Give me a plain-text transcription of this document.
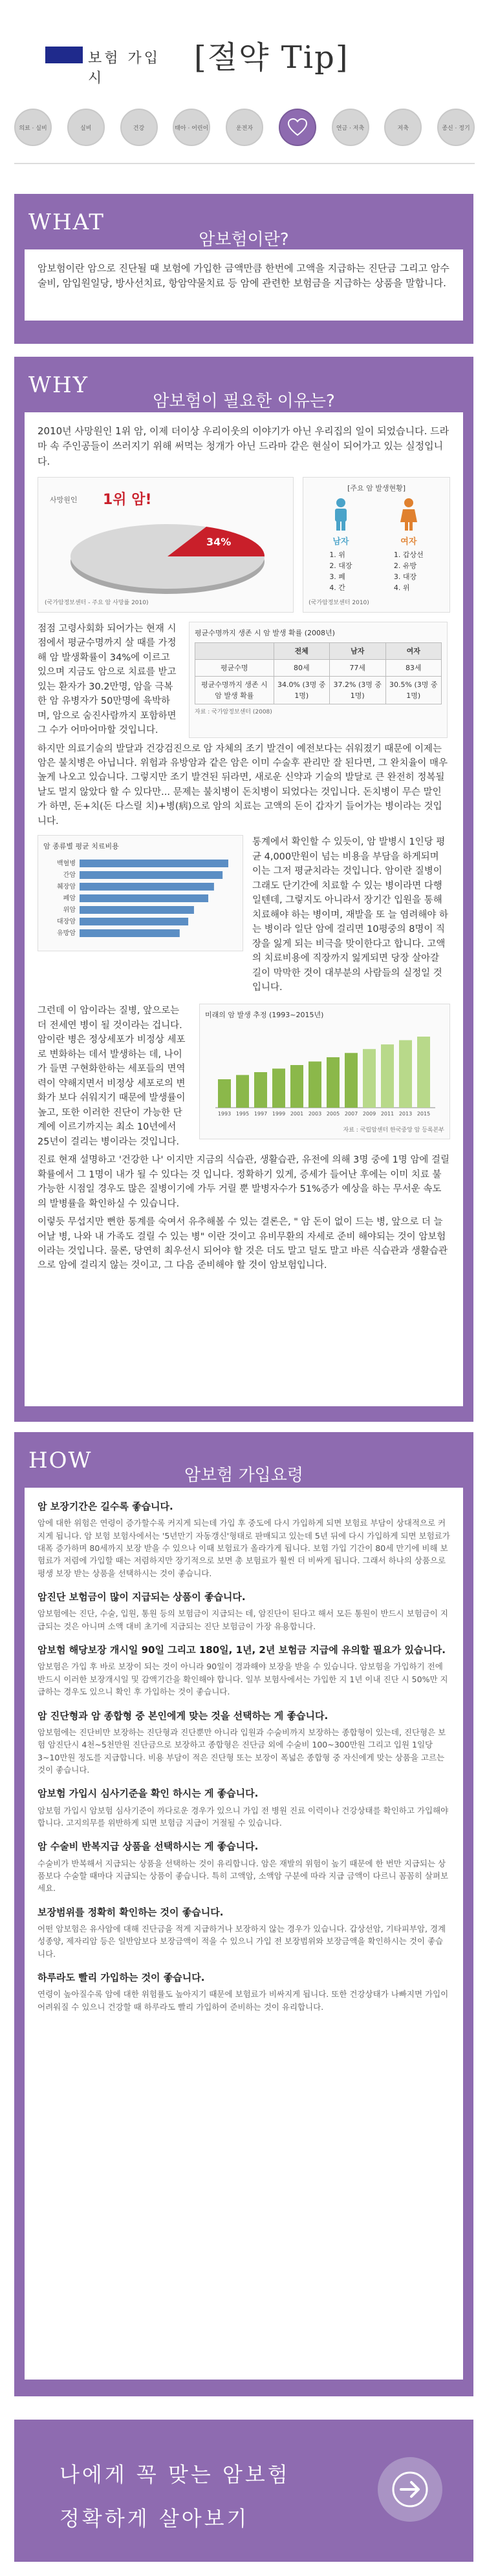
보험 가입 시
[절약 Tip]
의료 · 실비	실비	건강	태아 · 어린이	운전자	연금 · 저축	저축	종신 · 정기
WHAT
암보험이란?

암보험이란 암으로 진단될 때 보험에 가입한 금액만큼 한번에 고액을 지급하는 진단금 그리고 암수술비, 암입원일당, 방사선치료, 항암약물치료 등 암에 관련한 보험금을 지급하는 상품을 말합니다.

WHY
암보험이 필요한 이유는?

2010년 사망원인 1위 암, 이제 더이상 우리이웃의 이야기가 아닌 우리집의 일이 되었습니다. 드라마 속 주인공들이 쓰러지기 위해 써먹는 청개가 아닌 드라마 같은 현실이 되어가고 있는 실정입니다.

사망원인 1위 암!
34%
(국가암정보센터 - 주요 암 사망률 2010)
[주요 암 발생현황]
남자
1. 위
2. 대장
3. 폐
4. 간
여자
1. 갑상선
2. 유방
3. 대장
4. 위
(국가암정보센터 2010)

점점 고령사회화 되어가는 현재 시점에서 평균수명까지 살 때를 가정해 암 발생확률이 34%에 이르고 있으며 지금도 암으로 치료를 받고 있는 환자가 30.2만명, 암을 극복한 암 유병자가 50만명에 육박하며, 암으로 숨진사람까지 포함하면 그 수가 어마어마할 것입니다.

평균수명까지 생존 시 암 발생 확률 (2008년)
	전체	남자	여자
평균수명	80세	77세	83세
평균수명까지 생존 시 암 발생 확률	34.0% (3명 중 1명)	37.2% (3명 중 1명)	30.5% (3명 중 1명)
자료 : 국가암정보센터 (2008)

하지만 의료기술의 발달과 건강검진으로 암 자체의 조기 발견이 예전보다는 쉬워졌기 때문에 이제는 암은 불치병은 아닙니다. 위험과 유방암과 같은 암은 이미 수술후 관리만 잘 된다면, 그 완치율이 매우 높게 나오고 있습니다. 그렇지만 조기 발견된 뒤라면, 새로운 신약과 기술의 발달로 큰 완전히 정복될 날도 멀지 않았다 할 수 있다만... 문제는 불치병이 돈치병이 되었다는 것입니다. 돈치병이 무슨 말인가 하면, 돈+치(돈 다스릴 치)+병(病)으로 암의 치료는 고액의 돈이 갑자기 들어가는 병이라는 것입니다.

암 종류별 평균 치료비용
백혈병
간암
췌장암
폐암
위암
대장암
유방암

통계에서 확인할 수 있듯이, 암 발병시 1인당 평균 4,000만원이 넘는 비용을 부담을 하게되며 이는 그저 평균치라는 것입니다. 암이란 질병이 그래도 단기간에 치료할 수 있는 병이라면 다행일텐데, 그렇지도 아니라서 장기간 입원을 통해 치료해야 하는 병이며, 재발을 또 늘 염려해야 하는 병이라 일단 암에 걸리면 10평중의 8명이 직장을 잃게 되는 비극을 맞이한다고 합니다. 고액의 치료비용에 직장까지 잃게되면 당장 살아갈 길이 막막한 것이 대부분의 사람들의 실정일 것입니다.

그런데 이 암이라는 질병, 앞으로는 더 전세연 병이 될 것이라는 겁니다. 암이란 병은 정상세포가 비정상 세포로 변화하는 데서 발생하는 데, 나이가 들면 구현화한하는 세포들의 면역력이 약해지면서 비정상 세포로의 변화가 보다 쉬워지기 때문에 발생률이 높고, 또한 이러한 진단이 가능한 단계에 이르기까지는 최소 10년에서 25년이 걸리는 병이라는 것입니다.

미래의 암 발생 추정 (1993~2015년)
1993 1995 1997 1999 2001 2003 2005 2007 2009 2011 2013 2015
자료 : 국립암센터 한국중앙 암 등록본부

진료 현재 설명하고 '건강한 나' 이지만 지금의 식습관, 생활습관, 유전에 의해 3명 중에 1명 암에 걸릴 확률에서 그 1명이 내가 될 수 있다는 것 입니다. 정확하기 있게, 증세가 들어난 후에는 이미 치료 불가능한 시점일 경우도 많은 질병이기에 가두 거릴 뿐 발병자수가 51%증가 예상을 하는 무서운 속도의 발병률을 확인하실 수 있습니다.

이렇듯 무섭지만 뻔한 통계를 숙여서 유추해볼 수 있는 결론은, " 암 돈이 없이 드는 병, 앞으로 더 늘어날 병, 나와 내 가족도 걸릴 수 있는 병" 이란 것이고 유비무환의 자세로 준비 해야되는 것이 암보험 이라는 것입니다. 물론, 당연히 최우선시 되어야 할 것은 더도 말고 덜도 말고 바른 식습관과 생활습관으로 암에 걸리지 않는 것이고, 그 다음 준비해야 할 것이 암보험입니다.

HOW
암보험 가입요령
암 보장기간은 길수록 좋습니다.
암에 대한 위험은 연령이 증가할수록 커지게 되는데 가입 후 중도에 다시 가입하게 되면 보험료 부담이 상대적으로 커지게 됩니다. 암 보험 보험사에서는 '5년만기 자동갱신'형태로 판매되고 있는데 5년 뒤에 다시 가입하게 되면 보험료가 대폭 증가하며 80세까지 보장 받을 수 있으나 이때 보험료가 올라가게 됩니다. 보험 가입 기간이 80세 만기에 비해 보험료가 저렴에 가입할 때는 저렴하지만 장기적으로 보면 총 보험료가 훨씬 더 비싸게 됩니다. 그래서 하나의 상품으로 평생 보장 받는 상품을 선택하시는 것이 좋습니다.
암진단 보험금이 많이 지급되는 상품이 좋습니다.
암보험에는 진단, 수술, 입원, 통원 등의 보험금이 지급되는 데, 암진단이 된다고 해서 모든 통원이 반드시 보험금이 지급되는 것은 아니며 소액 대비 초기에 지급되는 진단 보험금이 가장 유용합니다.
암보험 해당보장 개시일 90일 그리고 180일, 1년, 2년 보험금 지급에 유의할 필요가 있습니다.
암보험은 가입 후 바로 보장이 되는 것이 아니라 90일이 경과해야 보장을 받을 수 있습니다. 암보험을 가입하기 전에 반드시 이러한 보장개시일 및 감액기간을 확인해야 합니다. 일부 보험사에서는 가입한 지 1년 이내 진단 시 50%만 지급하는 경우도 있으니 확인 후 가입하는 것이 좋습니다.
암 진단형과 암 종합형 중 본인에게 맞는 것을 선택하는 게 좋습니다.
암보험에는 진단비만 보장하는 진단형과 진단뿐만 아니라 입원과 수술비까지 보장하는 종합형이 있는데, 진단형은 보험 암진단시 4천~5천만원 진단금으로 보장하고 종합형은 진단금 외에 수술비 100~300만원 그리고 입원 1일당 3~10만원 정도를 지급합니다. 비용 부담이 적은 진단형 또는 보장이 폭넓은 종합형 중 자신에게 맞는 상품을 고르는 것이 좋습니다.
암보험 가입시 심사기준을 확인 하시는 게 좋습니다.
암보험 가입시 암보험 심사기준이 까다로운 경우가 있으니 가입 전 병원 진료 이력이나 건강상태를 확인하고 가입해야 합니다. 고지의무를 위반하게 되면 보험금 지급이 거절될 수 있습니다.
암 수술비 반복지급 상품을 선택하시는 게 좋습니다.
수술비가 반복해서 지급되는 상품을 선택하는 것이 유리합니다. 암은 재발의 위험이 높기 때문에 한 번만 지급되는 상품보다 수술할 때마다 지급되는 상품이 좋습니다. 특히 고액암, 소액암 구분에 따라 지급 금액이 다르니 꼼꼼히 살펴보세요.
보장범위를 정확히 확인하는 것이 좋습니다.
어떤 암보험은 유사암에 대해 진단금을 적게 지급하거나 보장하지 않는 경우가 있습니다. 갑상선암, 기타피부암, 경계성종양, 제자리암 등은 일반암보다 보장금액이 적을 수 있으니 가입 전 보장범위와 보장금액을 확인하시는 것이 좋습니다.
하루라도 빨리 가입하는 것이 좋습니다.
연령이 높아질수록 암에 대한 위험률도 높아지기 때문에 보험료가 비싸지게 됩니다. 또한 건강상태가 나빠지면 가입이 어려워질 수 있으니 건강할 때 하루라도 빨리 가입하여 준비하는 것이 유리합니다.
나에게 꼭 맞는 암보험
정확하게 살아보기
